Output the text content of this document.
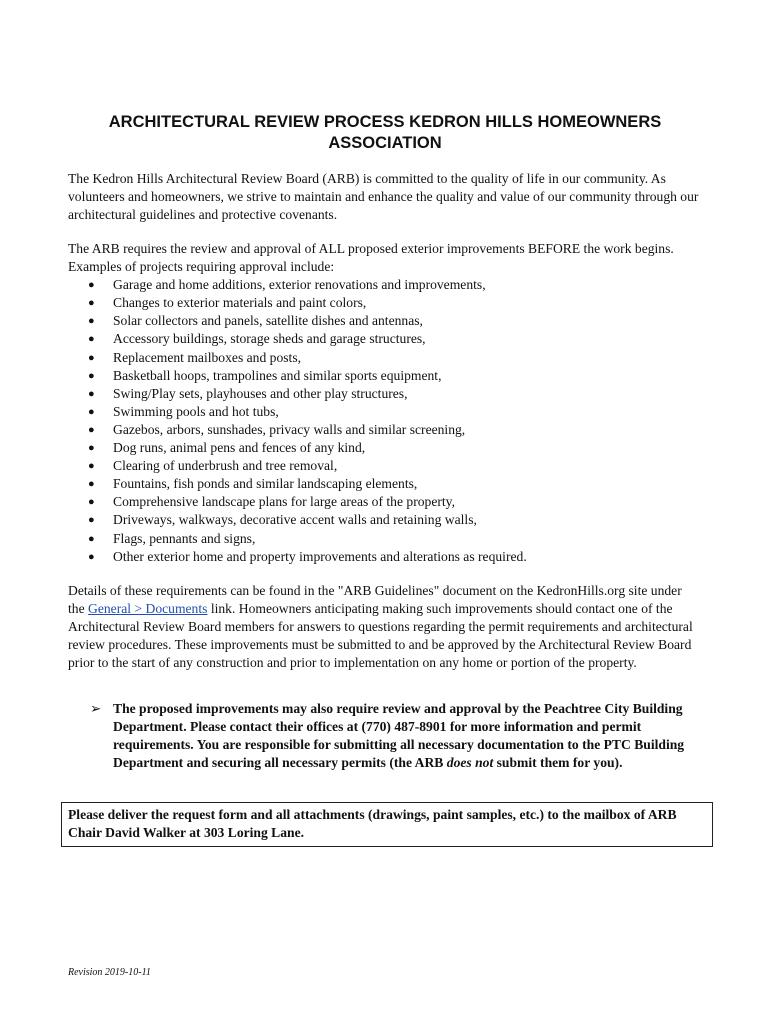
ARCHITECTURAL REVIEW PROCESS KEDRON HILLS HOMEOWNERS ASSOCIATION
The Kedron Hills Architectural Review Board (ARB) is committed to the quality of life in our community. As volunteers and homeowners, we strive to maintain and enhance the quality and value of our community through our architectural guidelines and protective covenants.

The ARB requires the review and approval of ALL proposed exterior improvements BEFORE the work begins. Examples of projects requiring approval include:

● Garage and home additions, exterior renovations and improvements,
● Changes to exterior materials and paint colors,
● Solar collectors and panels, satellite dishes and antennas,
● Accessory buildings, storage sheds and garage structures,
● Replacement mailboxes and posts,
● Basketball hoops, trampolines and similar sports equipment,
● Swing/Play sets, playhouses and other play structures,
● Swimming pools and hot tubs,
● Gazebos, arbors, sunshades, privacy walls and similar screening,
● Dog runs, animal pens and fences of any kind,
● Clearing of underbrush and tree removal,
● Fountains, fish ponds and similar landscaping elements,
● Comprehensive landscape plans for large areas of the property,
● Driveways, walkways, decorative accent walls and retaining walls,
● Flags, pennants and signs,
● Other exterior home and property improvements and alterations as required.
Details of these requirements can be found in the "ARB Guidelines" document on the KedronHills.org site under the General > Documents link. Homeowners anticipating making such improvements should contact one of the Architectural Review Board members for answers to questions regarding the permit requirements and architectural review procedures. These improvements must be submitted to and be approved by the Architectural Review Board prior to the start of any construction and prior to implementation on any home or portion of the property.
➢ The proposed improvements may also require review and approval by the Peachtree City Building Department. Please contact their offices at (770) 487-8901 for more information and permit requirements. You are responsible for submitting all necessary documentation to the PTC Building Department and securing all necessary permits (the ARB does not submit them for you).
Please deliver the request form and all attachments (drawings, paint samples, etc.) to the mailbox of ARB Chair David Walker at 303 Loring Lane.
Revision 2019-10-11
